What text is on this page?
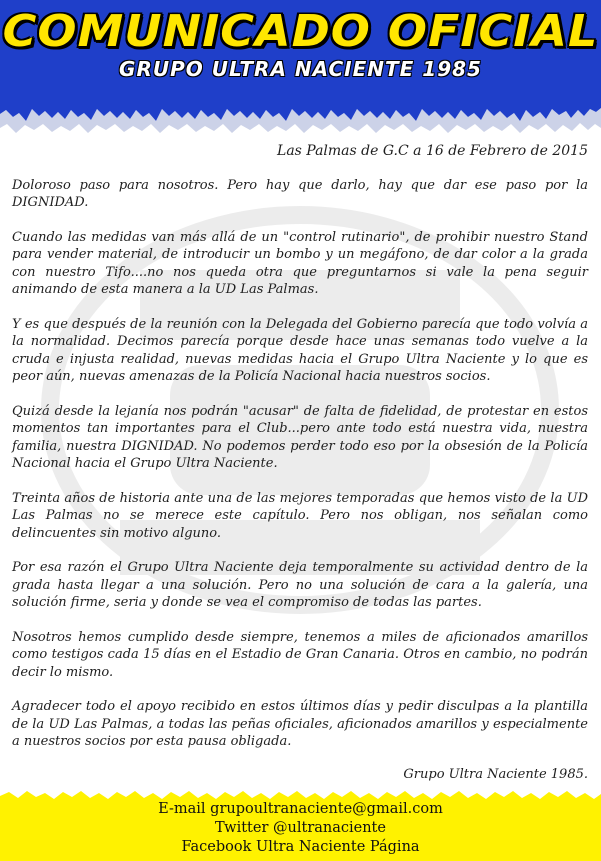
COMUNICADO OFICIAL
GRUPO ULTRA NACIENTE 1985
Las Palmas de G.C a 16 de Febrero de 2015

Doloroso paso para nosotros. Pero hay que darlo, hay que dar ese paso por la DIGNIDAD.

Cuando las medidas van más allá de un "control rutinario", de prohibir nuestro Stand para vender material, de introducir un bombo y un megáfono, de dar color a la grada con nuestro Tifo....no nos queda otra que preguntarnos si vale la pena seguir animando de esta manera a la UD Las Palmas.

Y es que después de la reunión con la Delegada del Gobierno parecía que todo volvía a la normalidad. Decimos parecía porque desde hace unas semanas todo vuelve a la cruda e injusta realidad, nuevas medidas hacia el Grupo Ultra Naciente y lo que es peor aún, nuevas amenazas de la Policía Nacional hacia nuestros socios.

Quizá desde la lejanía nos podrán "acusar" de falta de fidelidad, de protestar en estos momentos tan importantes para el Club...pero ante todo está nuestra vida, nuestra familia, nuestra DIGNIDAD. No podemos perder todo eso por la obsesión de la Policía Nacional hacia el Grupo Ultra Naciente.

Treinta años de historia ante una de las mejores temporadas que hemos visto de la UD Las Palmas no se merece este capítulo. Pero nos obligan, nos señalan como delincuentes sin motivo alguno.

Por esa razón el Grupo Ultra Naciente deja temporalmente su actividad dentro de la grada hasta llegar a una solución. Pero no una solución de cara a la galería, una solución firme, seria y donde se vea el compromiso de todas las partes.

Nosotros hemos cumplido desde siempre, tenemos a miles de aficionados amarillos como testigos cada 15 días en el Estadio de Gran Canaria. Otros en cambio, no podrán decir lo mismo.

Agradecer todo el apoyo recibido en estos últimos días y pedir disculpas a la plantilla de la UD Las Palmas, a todas las peñas oficiales, aficionados amarillos y especialmente a nuestros socios por esta pausa obligada.

Grupo Ultra Naciente 1985.
E-mail grupoultranaciente@gmail.com
Twitter @ultranaciente
Facebook Ultra Naciente Página
